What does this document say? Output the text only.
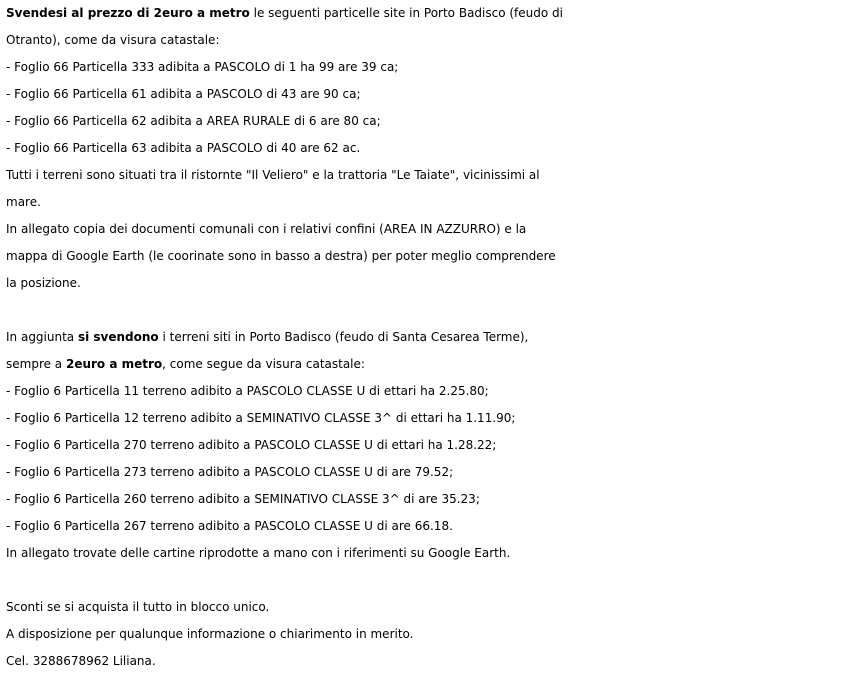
Svendesi al prezzo di 2euro a metro le seguenti particelle site in Porto Badisco (feudo di
Otranto), come da visura catastale:
- Foglio 66 Particella 333 adibita a PASCOLO di 1 ha 99 are 39 ca;
- Foglio 66 Particella 61 adibita a PASCOLO di 43 are 90 ca;
- Foglio 66 Particella 62 adibita a AREA RURALE di 6 are 80 ca;
- Foglio 66 Particella 63 adibita a PASCOLO di 40 are 62 ac.
Tutti i terreni sono situati tra il ristornte "Il Veliero" e la trattoria "Le Taiate", vicinissimi al
mare.
In allegato copia dei documenti comunali con i relativi confini (AREA IN AZZURRO) e la
mappa di Google Earth (le coorinate sono in basso a destra) per poter meglio comprendere
la posizione.
In aggiunta si svendono i terreni siti in Porto Badisco (feudo di Santa Cesarea Terme),
sempre a 2euro a metro, come segue da visura catastale:
- Foglio 6 Particella 11 terreno adibito a PASCOLO CLASSE U di ettari ha 2.25.80;
- Foglio 6 Particella 12 terreno adibito a SEMINATIVO CLASSE 3^ di ettari ha 1.11.90;
- Foglio 6 Particella 270 terreno adibito a PASCOLO CLASSE U di ettari ha 1.28.22;
- Foglio 6 Particella 273 terreno adibito a PASCOLO CLASSE U di are 79.52;
- Foglio 6 Particella 260 terreno adibito a SEMINATIVO CLASSE 3^ di are 35.23;
- Foglio 6 Particella 267 terreno adibito a PASCOLO CLASSE U di are 66.18.
In allegato trovate delle cartine riprodotte a mano con i riferimenti su Google Earth.
Sconti se si acquista il tutto in blocco unico.
A disposizione per qualunque informazione o chiarimento in merito.
Cel. 3288678962 Liliana.
